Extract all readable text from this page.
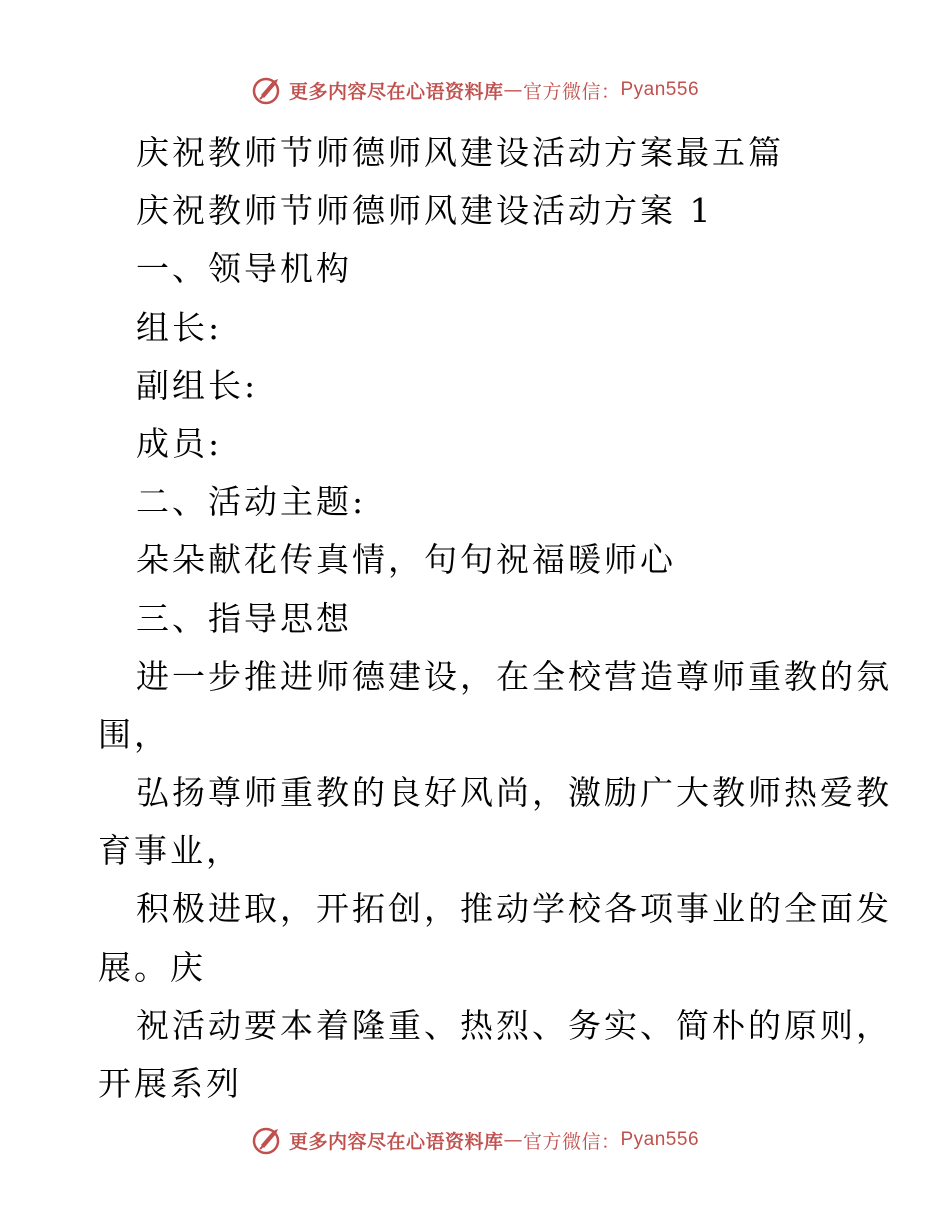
更多内容尽在心语资料库 — 官方微信： Pyan556
庆祝教师节师德师风建设活动方案最五篇
庆祝教师节师德师风建设活动方案 1
一、领导机构
组长:
副组长:
成员:
二、活动主题:
朵朵献花传真情，句句祝福暖师心
三、指导思想
进一步推进师德建设，在全校营造尊师重教的氛
围，
弘扬尊师重教的良好风尚，激励广大教师热爱教
育事业，
积极进取，开拓创，推动学校各项事业的全面发
展。庆
祝活动要本着隆重、热烈、务实、简朴的原则，
开展系列
更多内容尽在心语资料库 — 官方微信： Pyan556
